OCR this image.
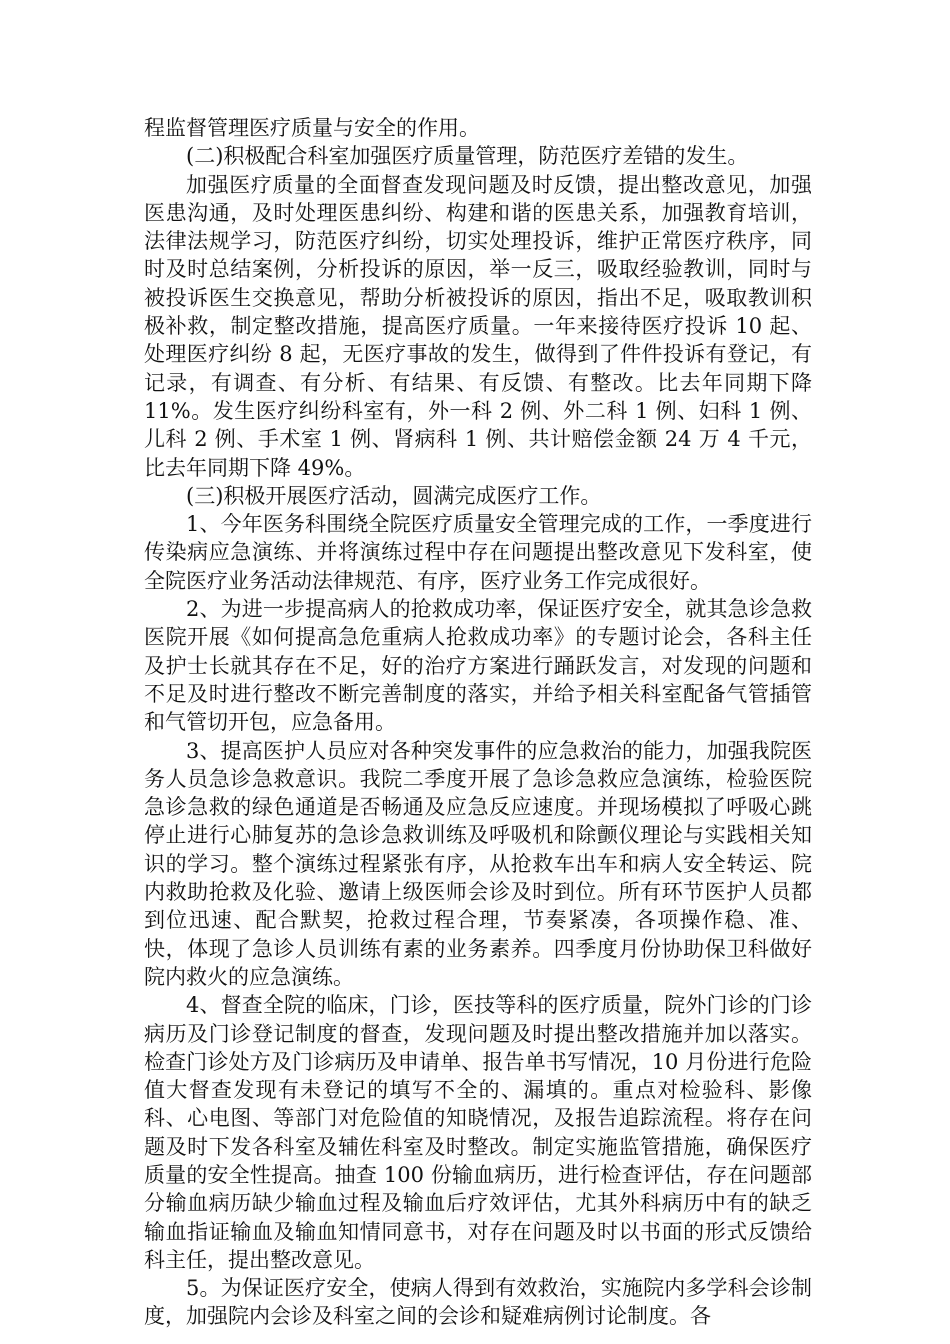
程监督管理医疗质量与安全的作用。

(二)积极配合科室加强医疗质量管理，防范医疗差错的发生。

加强医疗质量的全面督查发现问题及时反馈，提出整改意见，加强医患沟通，及时处理医患纠纷、构建和谐的医患关系，加强教育培训，法律法规学习，防范医疗纠纷，切实处理投诉，维护正常医疗秩序，同时及时总结案例，分析投诉的原因，举一反三，吸取经验教训，同时与被投诉医生交换意见，帮助分析被投诉的原因，指出不足，吸取教训积极补救，制定整改措施，提高医疗质量。一年来接待医疗投诉 10 起、处理医疗纠纷 8 起，无医疗事故的发生，做得到了件件投诉有登记，有记录，有调查、有分析、有结果、有反馈、有整改。比去年同期下降 11%。发生医疗纠纷科室有，外一科 2 例、外二科 1 例、妇科 1 例、儿科 2 例、手术室 1 例、肾病科 1 例、共计赔偿金额 24 万 4 千元，比去年同期下降 49%。

(三)积极开展医疗活动，圆满完成医疗工作。

1、今年医务科围绕全院医疗质量安全管理完成的工作，一季度进行传染病应急演练、并将演练过程中存在问题提出整改意见下发科室，使全院医疗业务活动法律规范、有序，医疗业务工作完成很好。

2、为进一步提高病人的抢救成功率，保证医疗安全，就其急诊急救医院开展《如何提高急危重病人抢救成功率》的专题讨论会，各科主任及护士长就其存在不足，好的治疗方案进行踊跃发言，对发现的问题和不足及时进行整改不断完善制度的落实，并给予相关科室配备气管插管和气管切开包，应急备用。

3、提高医护人员应对各种突发事件的应急救治的能力，加强我院医务人员急诊急救意识。我院二季度开展了急诊急救应急演练，检验医院急诊急救的绿色通道是否畅通及应急反应速度。并现场模拟了呼吸心跳停止进行心肺复苏的急诊急救训练及呼吸机和除颤仪理论与实践相关知识的学习。整个演练过程紧张有序，从抢救车出车和病人安全转运、院内救助抢救及化验、邀请上级医师会诊及时到位。所有环节医护人员都到位迅速、配合默契，抢救过程合理，节奏紧凑，各项操作稳、准、快，体现了急诊人员训练有素的业务素养。四季度月份协助保卫科做好院内救火的应急演练。

4、督查全院的临床，门诊，医技等科的医疗质量，院外门诊的门诊病历及门诊登记制度的督查，发现问题及时提出整改措施并加以落实。检查门诊处方及门诊病历及申请单、报告单书写情况，10 月份进行危险值大督查发现有未登记的填写不全的、漏填的。重点对检验科、影像科、心电图、等部门对危险值的知晓情况，及报告追踪流程。将存在问题及时下发各科室及辅佐科室及时整改。制定实施监管措施，确保医疗质量的安全性提高。抽查 100 份输血病历，进行检查评估，存在问题部分输血病历缺少输血过程及输血后疗效评估，尤其外科病历中有的缺乏输血指证输血及输血知情同意书，对存在问题及时以书面的形式反馈给科主任，提出整改意见。

5。为保证医疗安全，使病人得到有效救治，实施院内多学科会诊制度，加强院内会诊及科室之间的会诊和疑难病例讨论制度。各
